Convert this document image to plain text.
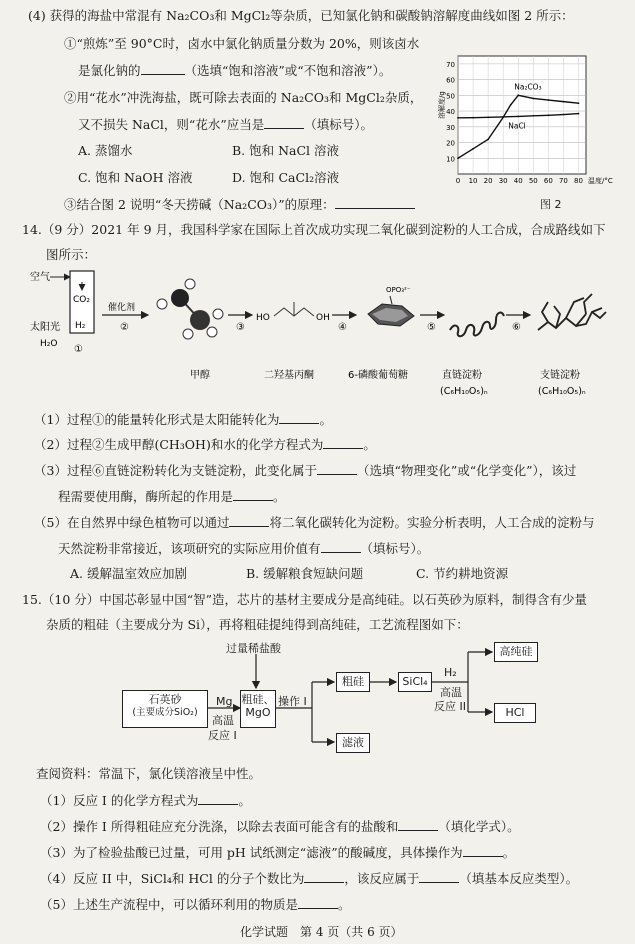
(4) 获得的海盐中常混有 Na₂CO₃和 MgCl₂等杂质，已知氯化钠和碳酸钠溶解度曲线如图 2 所示：
①“煎炼”至 90°C时，卤水中氯化钠质量分数为 20%，则该卤水
是氯化钠的	（选填“饱和溶液”或“不饱和溶液”）。
②用“花水”冲洗海盐，既可除去表面的 Na₂CO₃和 MgCl₂杂质，
又不损失 NaCl，则“花水”应当是	（填标号）。
A. 蒸馏水	B. 饱和 NaCl 溶液
C. 饱和 NaOH 溶液	D. 饱和 CaCl₂溶液
③结合图 2 说明“冬天捞碱（Na₂CO₃）”的原理：
10
20
30
40
50
60
70
0 10 20 30 40 50 60 70 80 温度/°C
溶解度/g
Na₂CO₃
NaCl
图 2
14.（9 分）2021 年 9 月，我国科学家在国际上首次成功实现二氧化碳到淀粉的人工合成，合成路线如下
图所示：
空气
CO₂
H₂
太阳光
H₂O ①
催化剂
②	③
HO	OH
④
OPO₃²⁻
⑤	⑥
甲醇	二羟基丙酮	6-磷酸葡萄糖	直链淀粉
(C₆H₁₀O₅)ₙ
支链淀粉
(C₆H₁₀O₅)ₙ
（1）过程①的能量转化形式是太阳能转化为	。
（2）过程②生成甲醇(CH₃OH)和水的化学方程式为	。
（3）过程⑥直链淀粉转化为支链淀粉，此变化属于	（选填“物理变化”或“化学变化”），该过
程需要使用酶，酶所起的作用是	。
（5）在自然界中绿色植物可以通过	将二氧化碳转化为淀粉。实验分析表明，人工合成的淀粉与
天然淀粉非常接近，该项研究的实际应用价值有	（填标号）。
A. 缓解温室效应加剧	B. 缓解粮食短缺问题	C. 节约耕地资源
15.（10 分）中国芯彰显中国“智”造，芯片的基材主要成分是高纯硅。以石英砂为原料，制得含有少量
杂质的粗硅（主要成分为 Si），再将粗硅提纯得到高纯硅，工艺流程图如下：
过量稀盐酸
石英砂
(主要成分SiO₂)
Mg
高温
反应 I
粗硅、
MgO
操作 I
粗硅	SiCl₄
H₂
高温
反应 II
高纯硅
HCl
滤液
查阅资料：常温下，氯化镁溶液呈中性。
（1）反应 I 的化学方程式为	。
（2）操作 I 所得粗硅应充分洗涤，以除去表面可能含有的盐酸和	（填化学式）。
（3）为了检验盐酸已过量，可用 pH 试纸测定“滤液”的酸碱度，具体操作为	。
（4）反应 II 中，SiCl₄和 HCl 的分子个数比为	，该反应属于	（填基本反应类型）。
（5）上述生产流程中，可以循环利用的物质是	。
化学试题　第 4 页（共 6 页）
